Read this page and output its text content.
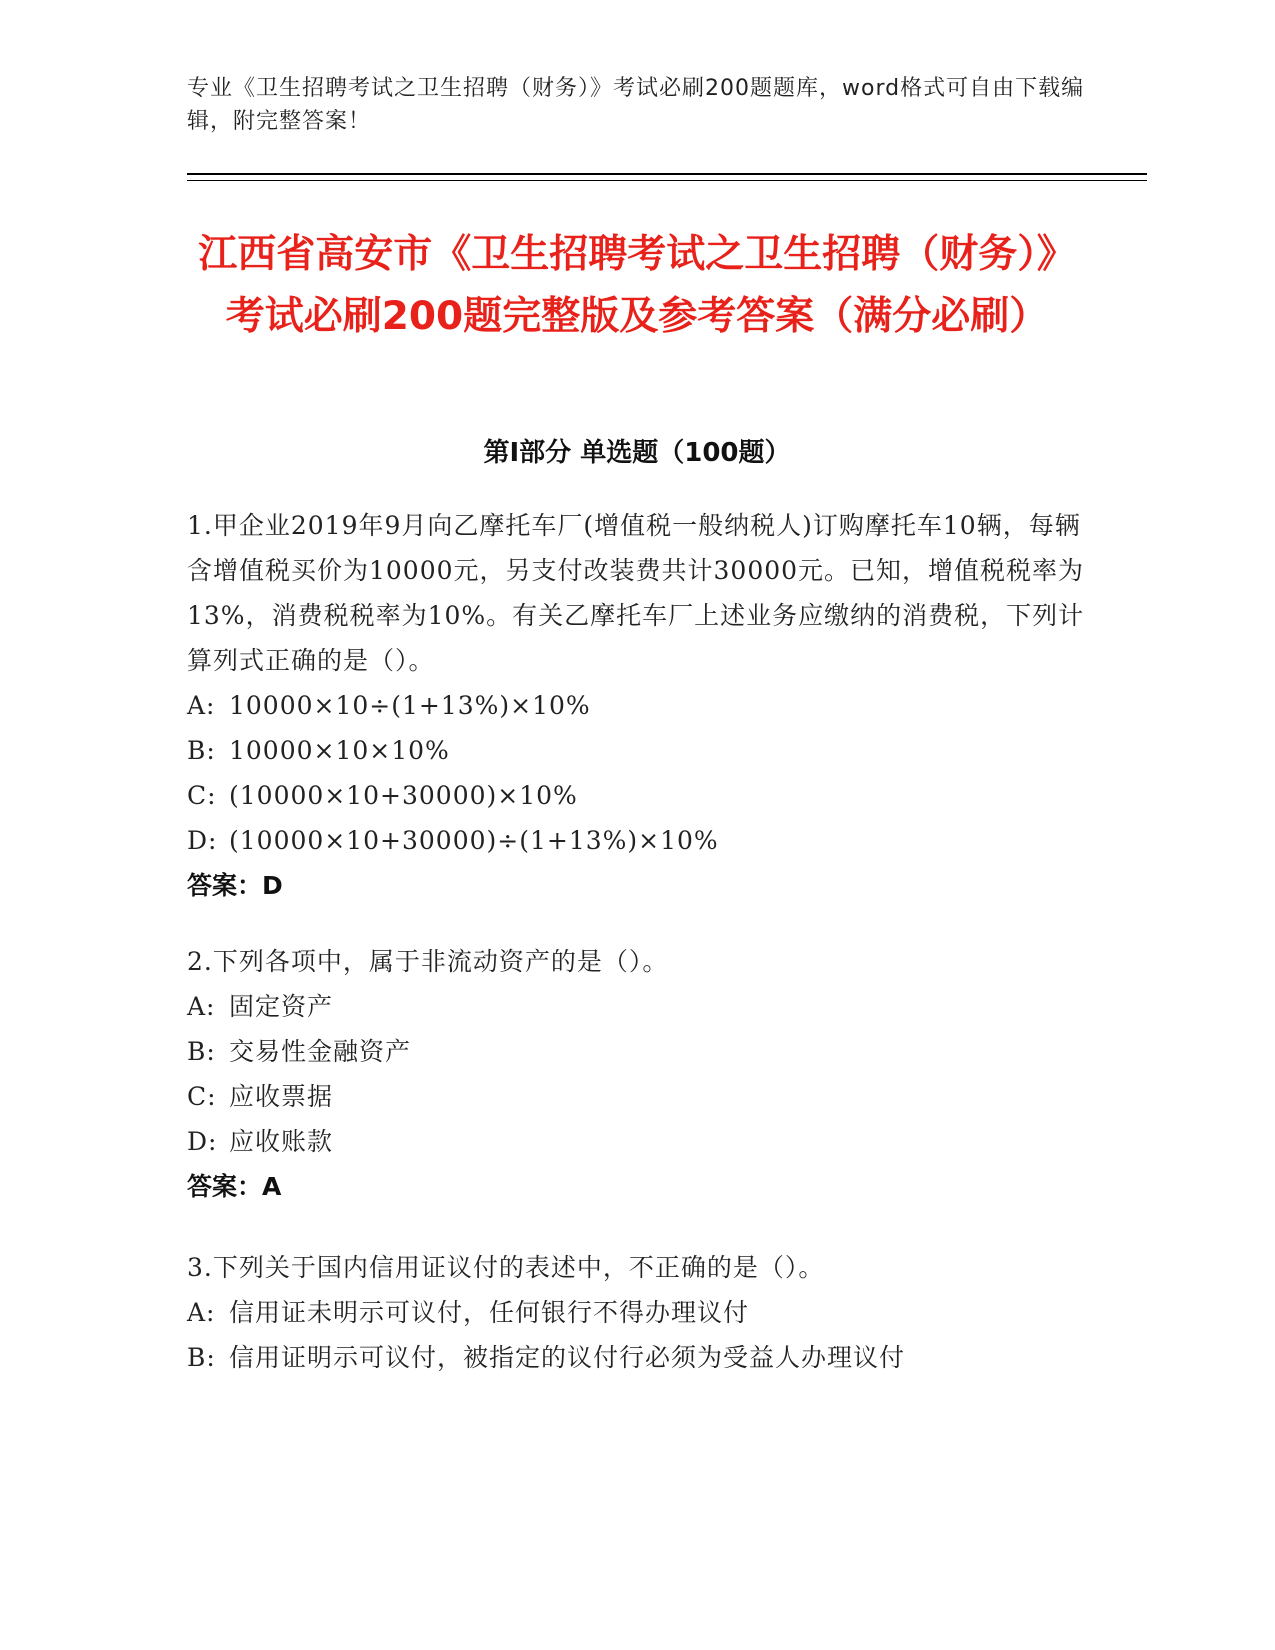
专业《卫生招聘考试之卫生招聘（财务）》考试必刷200题题库，word格式可自由下载编辑，附完整答案！
江西省高安市《卫生招聘考试之卫生招聘（财务）》考试必刷200题完整版及参考答案（满分必刷）
第Ⅰ部分 单选题（100题）

1.甲企业2019年9月向乙摩托车厂(增值税一般纳税人)订购摩托车10辆，每辆含增值税买价为10000元，另支付改装费共计30000元。已知，增值税税率为13%，消费税税率为10%。有关乙摩托车厂上述业务应缴纳的消费税，下列计算列式正确的是（）。

A: 10000×10÷(1+13%)×10%
B: 10000×10×10%
C: (10000×10+30000)×10%
D: (10000×10+30000)÷(1+13%)×10%

答案：D

2.下列各项中，属于非流动资产的是（）。

A: 固定资产
B: 交易性金融资产
C: 应收票据
D: 应收账款

答案：A

3.下列关于国内信用证议付的表述中，不正确的是（）。

A: 信用证未明示可议付，任何银行不得办理议付
B: 信用证明示可议付，被指定的议付行必须为受益人办理议付
